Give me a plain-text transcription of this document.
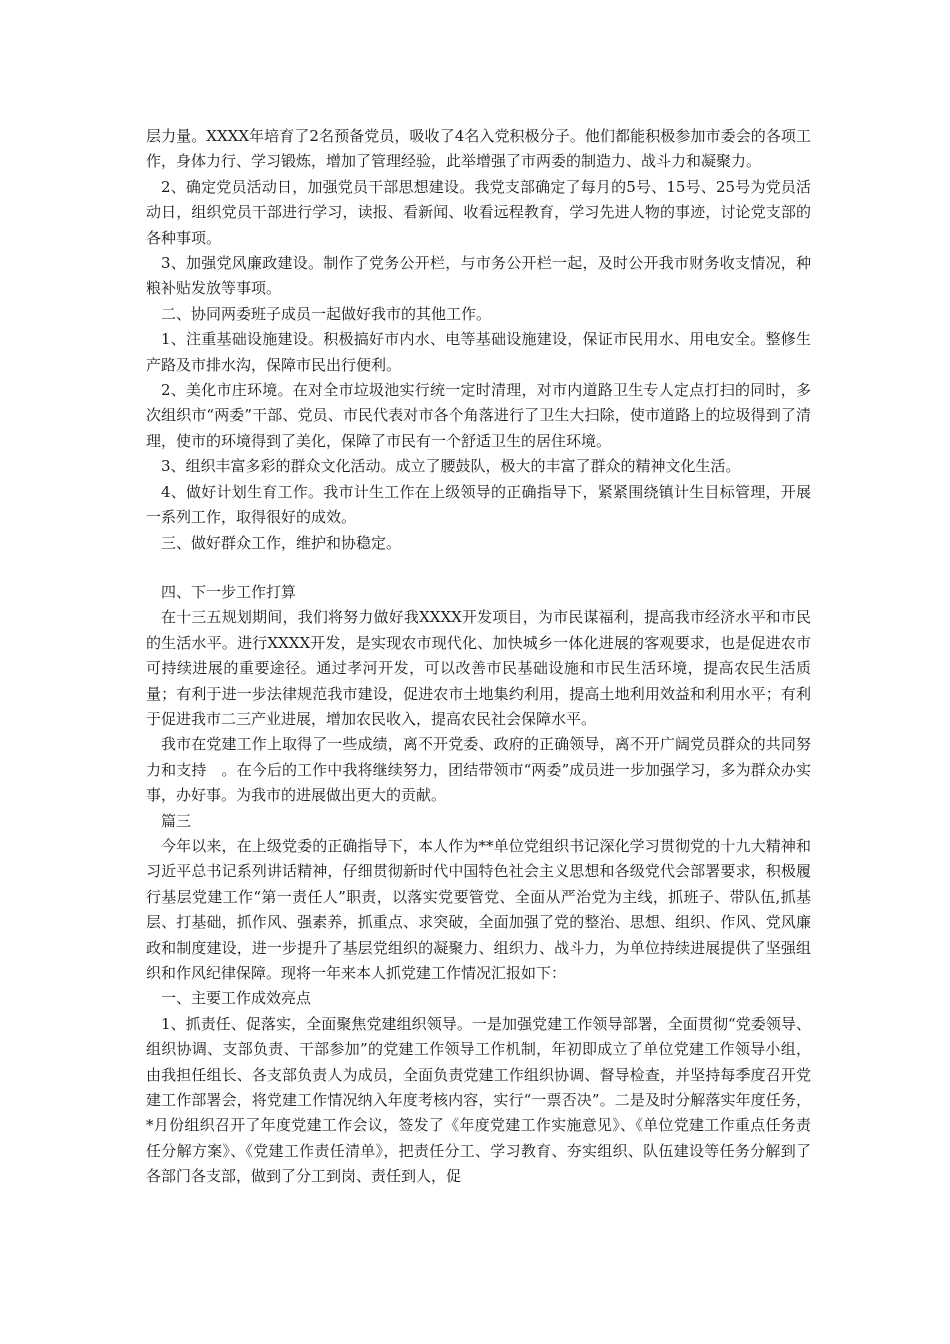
层力量。XXXX年培育了2名预备党员，吸收了4名入党积极分子。他们都能积极参加市委会的各项工作，身体力行、学习锻炼，增加了管理经验，此举增强了市两委的制造力、战斗力和凝聚力。

2、确定党员活动日，加强党员干部思想建设。我党支部确定了每月的5号、15号、25号为党员活动日，组织党员干部进行学习，读报、看新闻、收看远程教育，学习先进人物的事迹，讨论党支部的各种事项。

3、加强党风廉政建设。制作了党务公开栏，与市务公开栏一起，及时公开我市财务收支情况，种粮补贴发放等事项。

二、协同两委班子成员一起做好我市的其他工作。

1、注重基础设施建设。积极搞好市内水、电等基础设施建设，保证市民用水、用电安全。整修生产路及市排水沟，保障市民出行便利。

2、美化市庄环境。在对全市垃圾池实行统一定时清理，对市内道路卫生专人定点打扫的同时，多次组织市“两委”干部、党员、市民代表对市各个角落进行了卫生大扫除，使市道路上的垃圾得到了清理，使市的环境得到了美化，保障了市民有一个舒适卫生的居住环境。

3、组织丰富多彩的群众文化活动。成立了腰鼓队，极大的丰富了群众的精神文化生活。

4、做好计划生育工作。我市计生工作在上级领导的正确指导下，紧紧围绕镇计生目标管理，开展一系列工作，取得很好的成效。

三、做好群众工作，维护和协稳定。

四、下一步工作打算

在十三五规划期间，我们将努力做好我XXXX开发项目，为市民谋福利，提高我市经济水平和市民的生活水平。进行XXXX开发，是实现农市现代化、加快城乡一体化进展的客观要求，也是促进农市可持续进展的重要途径。通过孝河开发，可以改善市民基础设施和市民生活环境，提高农民生活质量；有利于进一步法律规范我市建设，促进农市土地集约利用，提高土地利用效益和利用水平；有利于促进我市二三产业进展，增加农民收入，提高农民社会保障水平。

我市在党建工作上取得了一些成绩，离不开党委、政府的正确领导，离不开广阔党员群众的共同努力和支持　。在今后的工作中我将继续努力，团结带领市“两委”成员进一步加强学习，多为群众办实事，办好事。为我市的进展做出更大的贡献。

篇三

今年以来，在上级党委的正确指导下，本人作为**单位党组织书记深化学习贯彻党的十九大精神和习近平总书记系列讲话精神，仔细贯彻新时代中国特色社会主义思想和各级党代会部署要求，积极履行基层党建工作“第一责任人”职责，以落实党要管党、全面从严治党为主线，抓班子、带队伍,抓基层、打基础，抓作风、强素养，抓重点、求突破，全面加强了党的整治、思想、组织、作风、党风廉政和制度建设，进一步提升了基层党组织的凝聚力、组织力、战斗力，为单位持续进展提供了坚强组织和作风纪律保障。现将一年来本人抓党建工作情况汇报如下：

一、主要工作成效亮点

1、抓责任、促落实，全面聚焦党建组织领导。一是加强党建工作领导部署，全面贯彻“党委领导、组织协调、支部负责、干部参加”的党建工作领导工作机制，年初即成立了单位党建工作领导小组，由我担任组长、各支部负责人为成员，全面负责党建工作组织协调、督导检查，并坚持每季度召开党建工作部署会，将党建工作情况纳入年度考核内容，实行“一票否决”。二是及时分解落实年度任务，*月份组织召开了年度党建工作会议，签发了《年度党建工作实施意见》、《单位党建工作重点任务责任分解方案》、《党建工作责任清单》，把责任分工、学习教育、夯实组织、队伍建设等任务分解到了各部门各支部，做到了分工到岗、责任到人，促
